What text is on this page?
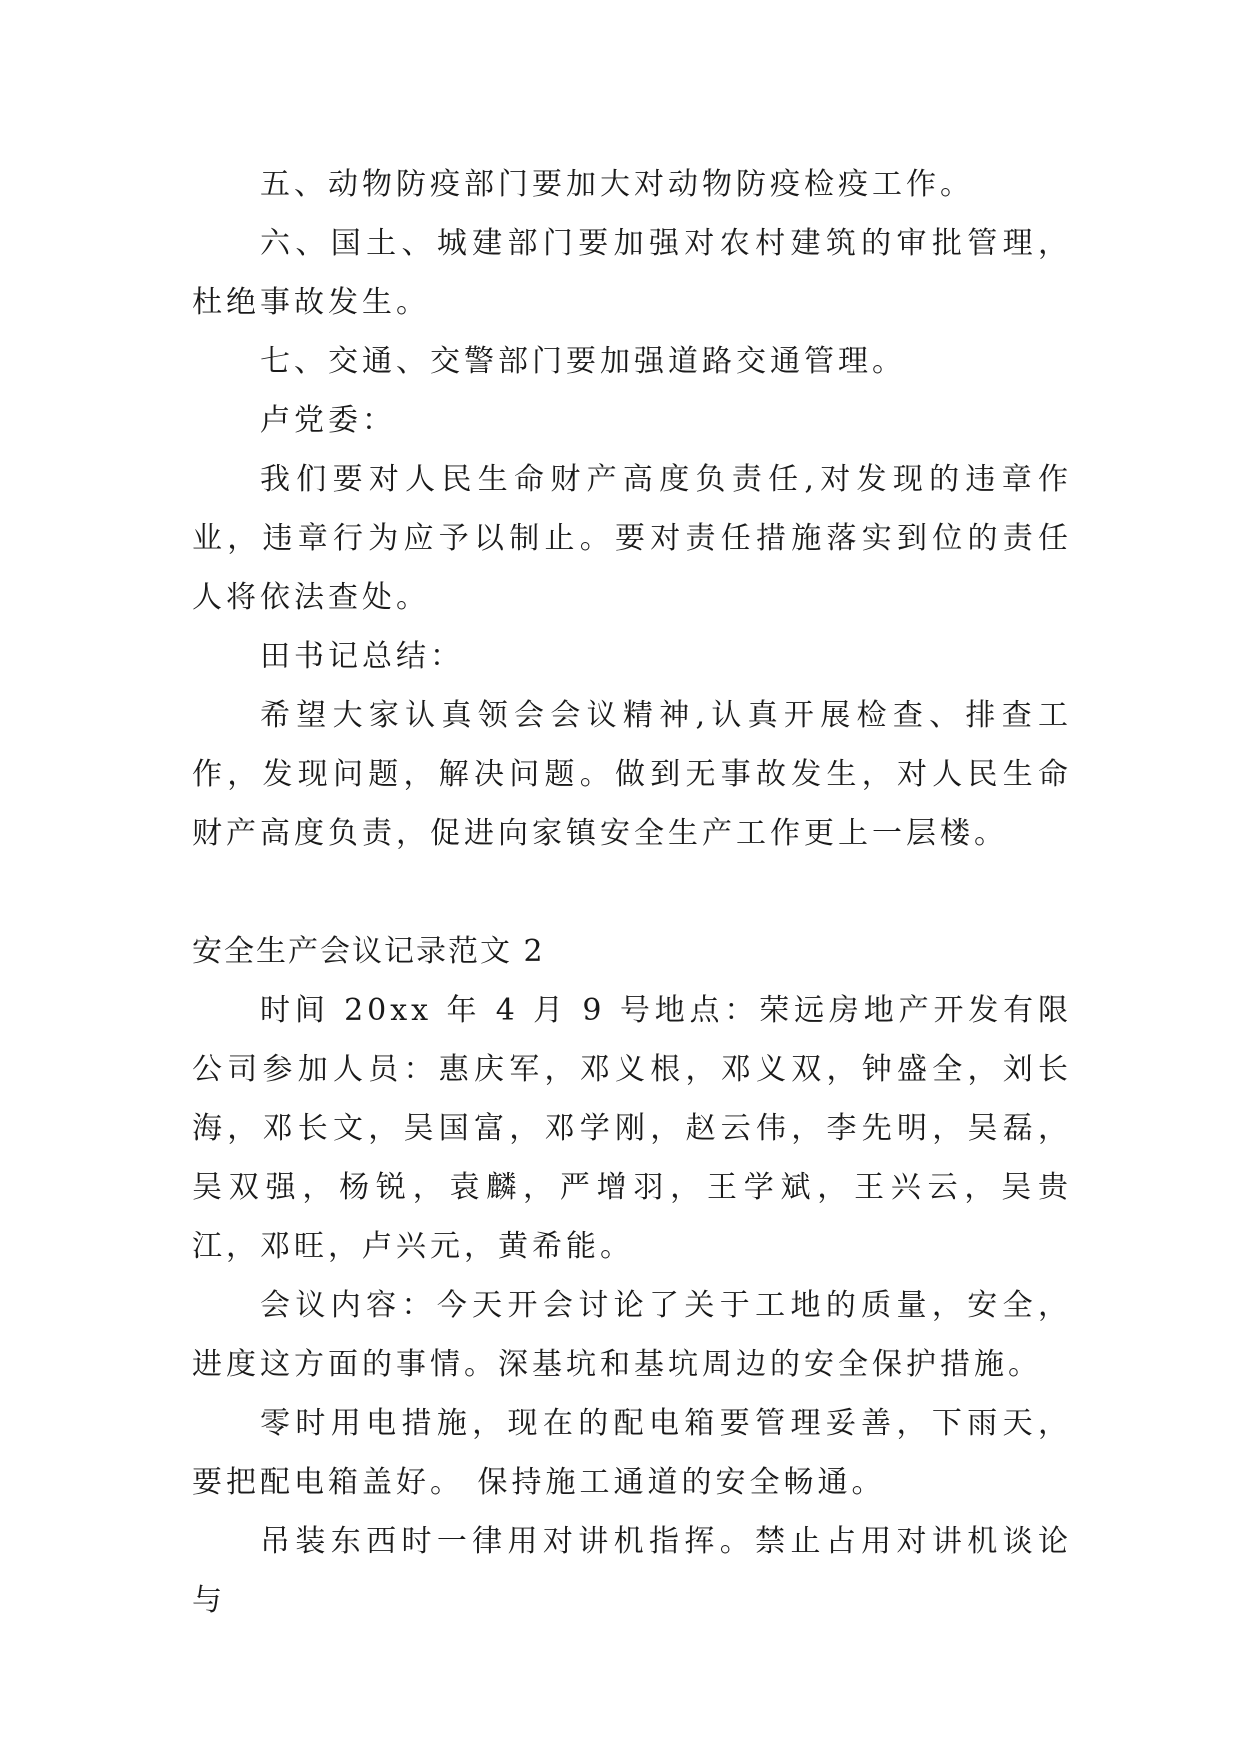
五、动物防疫部门要加大对动物防疫检疫工作。

六、国土、城建部门要加强对农村建筑的审批管理，杜绝事故发生。

七、交通、交警部门要加强道路交通管理。

卢党委：

我们要对人民生命财产高度负责任,对发现的违章作业，违章行为应予以制止。要对责任措施落实到位的责任人将依法查处。

田书记总结：

希望大家认真领会会议精神,认真开展检查、排查工作，发现问题，解决问题。做到无事故发生，对人民生命财产高度负责，促进向家镇安全生产工作更上一层楼。

安全生产会议记录范文 2

时间 20xx 年 4 月 9 号地点：荣远房地产开发有限公司参加人员：惠庆军，邓义根，邓义双，钟盛全，刘长海，邓长文，吴国富，邓学刚，赵云伟，李先明，吴磊，吴双强，杨锐，袁麟，严增羽，王学斌，王兴云，吴贵江，邓旺，卢兴元，黄希能。

会议内容：今天开会讨论了关于工地的质量，安全，进度这方面的事情。深基坑和基坑周边的安全保护措施。

零时用电措施，现在的配电箱要管理妥善，下雨天，要把配电箱盖好。 保持施工通道的安全畅通。

吊装东西时一律用对讲机指挥。禁止占用对讲机谈论与
